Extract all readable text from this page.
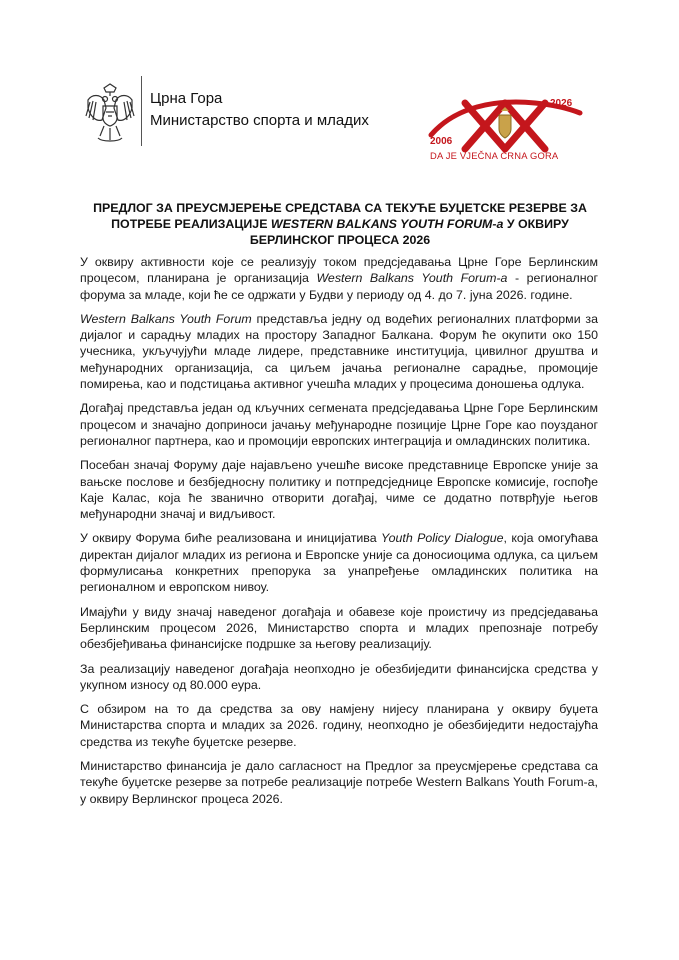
Црна Гора
Министарство спорта и младих
2006
2026
DA JE VJEČNA CRNA GORA
ПРЕДЛОГ ЗА ПРЕУСМЈЕРЕЊЕ СРЕДСТАВА СА ТЕКУЋЕ БУЏЕТСКЕ РЕЗЕРВЕ ЗА ПОТРЕБЕ РЕАЛИЗАЦИЈЕ WESTERN BALKANS YOUTH FORUM-а У ОКВИРУ БЕРЛИНСКОГ ПРОЦЕСА 2026

У оквиру активности које се реализују током предсједавања Црне Горе Берлинским процесом, планирана је организација Western Balkans Youth Forum-а - регионалног форума за младе, који ће се одржати у Будви у периоду од 4. до 7. јуна 2026. године.

Western Balkans Youth Forum представља једну од водећих регионалних платформи за дијалог и сарадњу младих на простору Западног Балкана. Форум ће окупити око 150 учесника, укључујући младе лидере, представнике институција, цивилног друштва и међународних организација, са циљем јачања регионалне сарадње, промоције помирења, као и подстицања активног учешћа младих у процесима доношења одлука.

Догађај представља један од кључних сегмената предсједавања Црне Горе Берлинским процесом и значајно доприноси јачању међународне позиције Црне Горе као поузданог регионалног партнера, као и промоцији европских интеграција и омладинских политика.

Посебан значај Форуму даје најављено учешће високе представнице Европске уније за вањске послове и безбједносну политику и потпредсједнице Европске комисије, госпође Каје Калас, која ће званично отворити догађај, чиме се додатно потврђује његов међународни значај и видљивост.

У оквиру Форума биће реализована и иницијатива Youth Policy Dialogue, која омогућава директан дијалог младих из региона и Европске уније са доносиоцима одлука, са циљем формулисања конкретних препорука за унапређење омладинских политика на регионалном и европском нивоу.

Имајући у виду значај наведеног догађаја и обавезе које проистичу из предсједавања Берлинским процесом 2026, Министарство спорта и младих препознаје потребу обезбјеђивања финансијске подршке за његову реализацију.

За реализацију наведеног догађаја неопходно је обезбиједити финансијска средства у укупном износу од 80.000 еура.

С обзиром на то да средства за ову намјену нијесу планирана у оквиру буџета Министарства спорта и младих за 2026. годину, неопходно је обезбиједити недостајућа средства из текуће буџетске резерве.

Министарство финансија је дало сагласност на Предлог за преусмјерење средстава са текуће буџетске резерве за потребе реализације потребе Western Balkans Youth Forum-а, у оквиру Верлинског процеса 2026.
